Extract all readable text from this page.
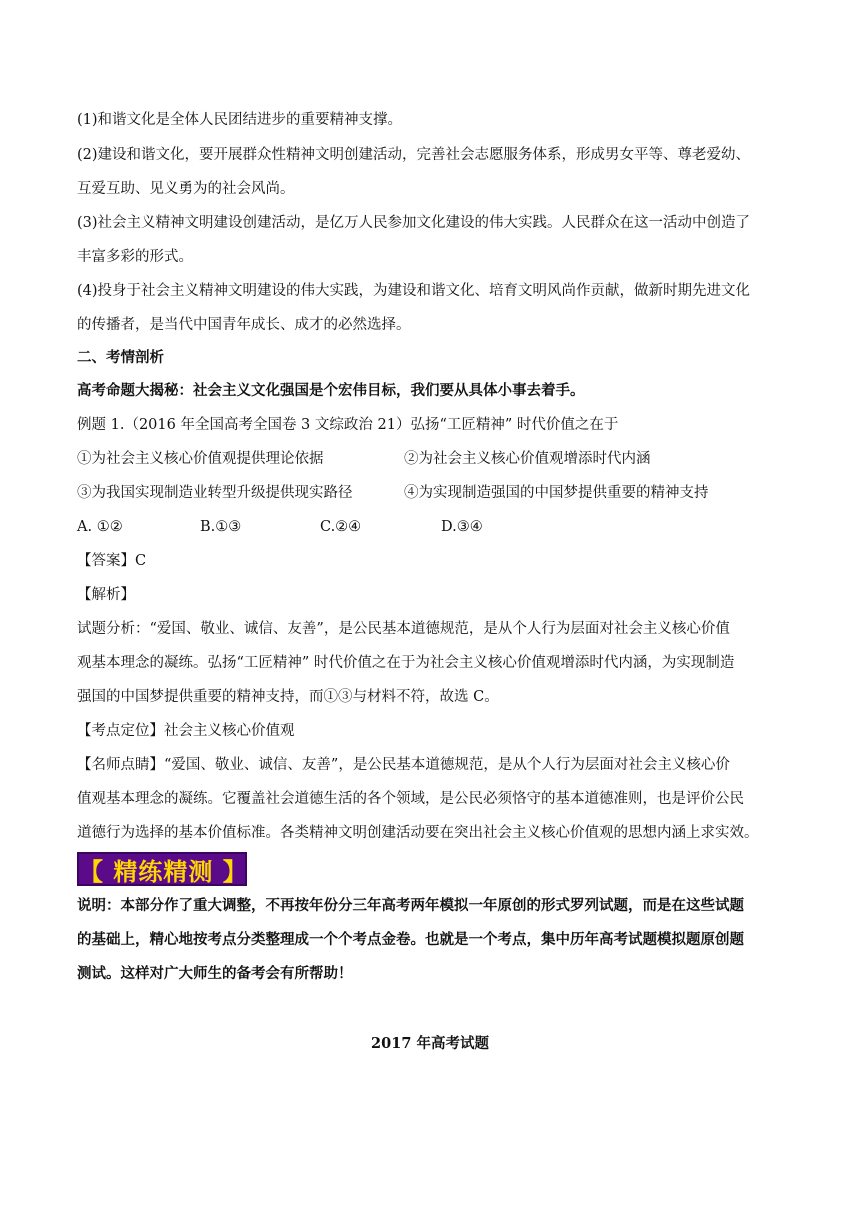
(1)和谐文化是全体人民团结进步的重要精神支撑。
(2)建设和谐文化，要开展群众性精神文明创建活动，完善社会志愿服务体系，形成男女平等、尊老爱幼、
互爱互助、见义勇为的社会风尚。
(3)社会主义精神文明建设创建活动，是亿万人民参加文化建设的伟大实践。人民群众在这一活动中创造了
丰富多彩的形式。
(4)投身于社会主义精神文明建设的伟大实践，为建设和谐文化、培育文明风尚作贡献，做新时期先进文化
的传播者，是当代中国青年成长、成才的必然选择。
二、考情剖析
高考命题大揭秘：社会主义文化强国是个宏伟目标，我们要从具体小事去着手。
例题 1.（2016 年全国高考全国卷 3 文综政治 21）弘扬“工匠精神” 时代价值之在于
①为社会主义核心价值观提供理论依据	②为社会主义核心价值观增添时代内涵
③为我国实现制造业转型升级提供现实路径	④为实现制造强国的中国梦提供重要的精神支持
A. ①②	B.①③	C.②④	D.③④
【答案】C
【解析】
试题分析：“爱国、敬业、诚信、友善”，是公民基本道德规范，是从个人行为层面对社会主义核心价值
观基本理念的凝练。弘扬“工匠精神” 时代价值之在于为社会主义核心价值观增添时代内涵，为实现制造
强国的中国梦提供重要的精神支持，而①③与材料不符，故选 C。
【考点定位】社会主义核心价值观
【名师点睛】“爱国、敬业、诚信、友善”，是公民基本道德规范，是从个人行为层面对社会主义核心价
值观基本理念的凝练。它覆盖社会道德生活的各个领域，是公民必须恪守的基本道德准则，也是评价公民
道德行为选择的基本价值标准。各类精神文明创建活动要在突出社会主义核心价值观的思想内涵上求实效。
【 精练精测 】
说明：本部分作了重大调整，不再按年份分三年高考两年模拟一年原创的形式罗列试题，而是在这些试题
的基础上，精心地按考点分类整理成一个个考点金卷。也就是一个考点，集中历年高考试题模拟题原创题
测试。这样对广大师生的备考会有所帮助！
2017 年高考试题
